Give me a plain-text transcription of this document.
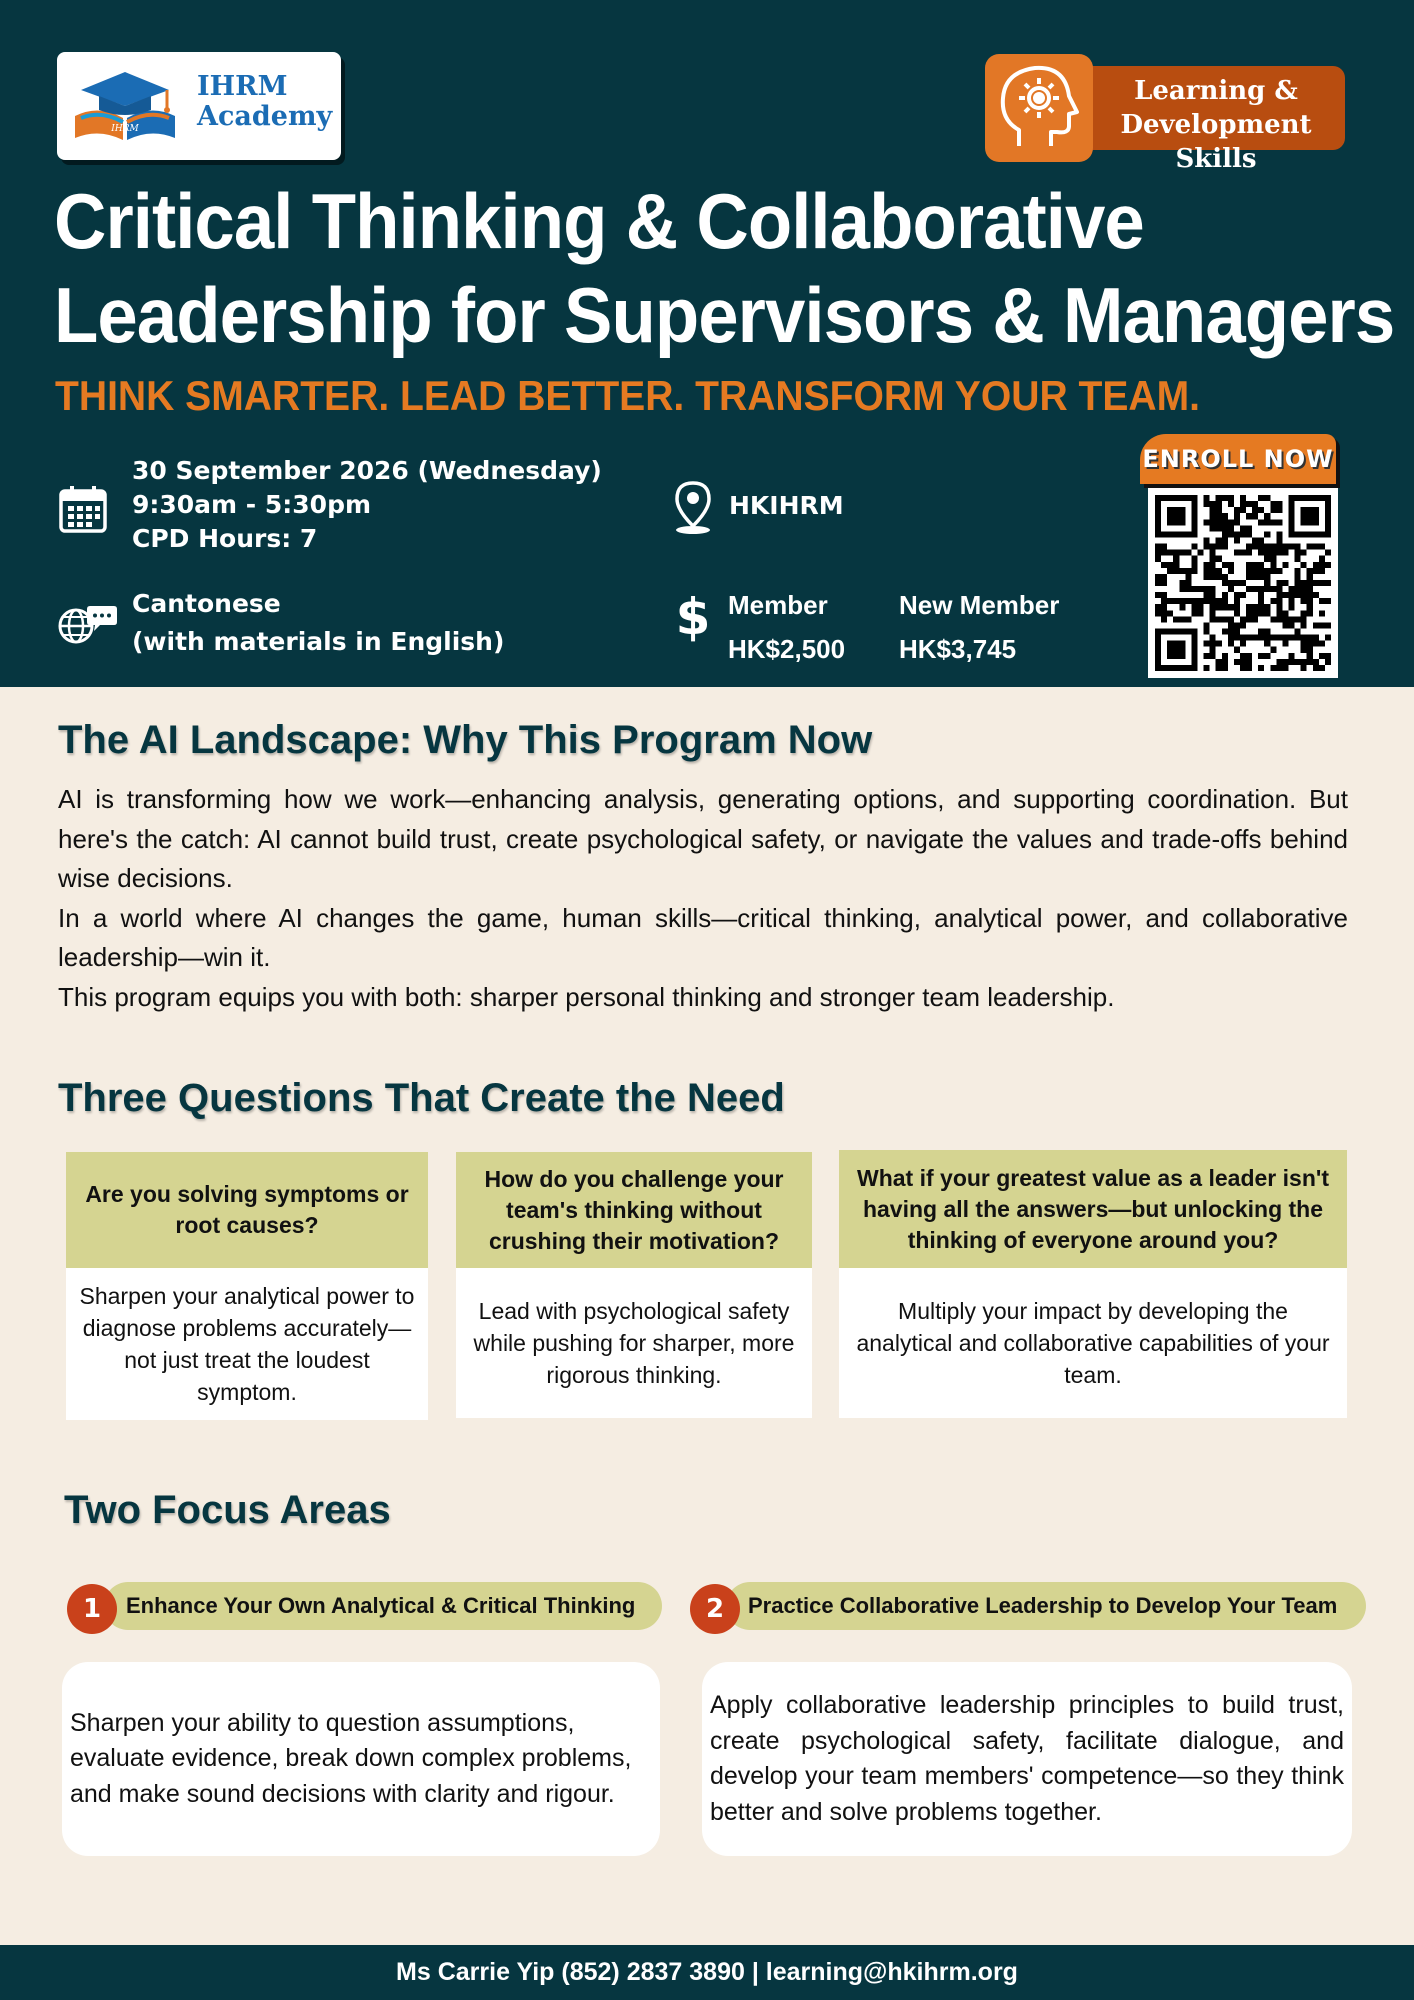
IHRM
IHRM
Academy
Learning &
Development Skills
Critical Thinking & Collaborative
Leadership for Supervisors & Managers
THINK SMARTER. LEAD BETTER. TRANSFORM YOUR TEAM.
30 September 2026 (Wednesday)
9:30am - 5:30pm
CPD Hours: 7
HKIHRM
Cantonese
(with materials in English)	$ Member
HK$2,500
New Member
HK$3,745
ENROLL NOW
The AI Landscape: Why This Program Now

AI is transforming how we work—enhancing analysis, generating options, and supporting coordination. But here's the catch: AI cannot build trust, create psychological safety, or navigate the values and trade-offs behind wise decisions.

In a world where AI changes the game, human skills—critical thinking, analytical power, and collaborative leadership—win it.

This program equips you with both: sharper personal thinking and stronger team leadership.

Three Questions That Create the Need
Are you solving symptoms or root causes?
Sharpen your analytical power to diagnose problems accurately—not just treat the loudest symptom.
How do you challenge your team's thinking without crushing their motivation?
Lead with psychological safety while pushing for sharper, more rigorous thinking.
What if your greatest value as a leader isn't having all the answers—but unlocking the thinking of everyone around you?
Multiply your impact by developing the analytical and collaborative capabilities of your team.
Two Focus Areas
Enhance Your Own Analytical & Critical Thinking
1
Sharpen your ability to question assumptions, evaluate evidence, break down complex problems, and make sound decisions with clarity and rigour.
Practice Collaborative Leadership to Develop Your Team
2
Apply collaborative leadership principles to build trust, create psychological safety, facilitate dialogue, and develop your team members' competence—so they think better and solve problems together.
Ms Carrie Yip (852) 2837 3890 | learning@hkihrm.org
